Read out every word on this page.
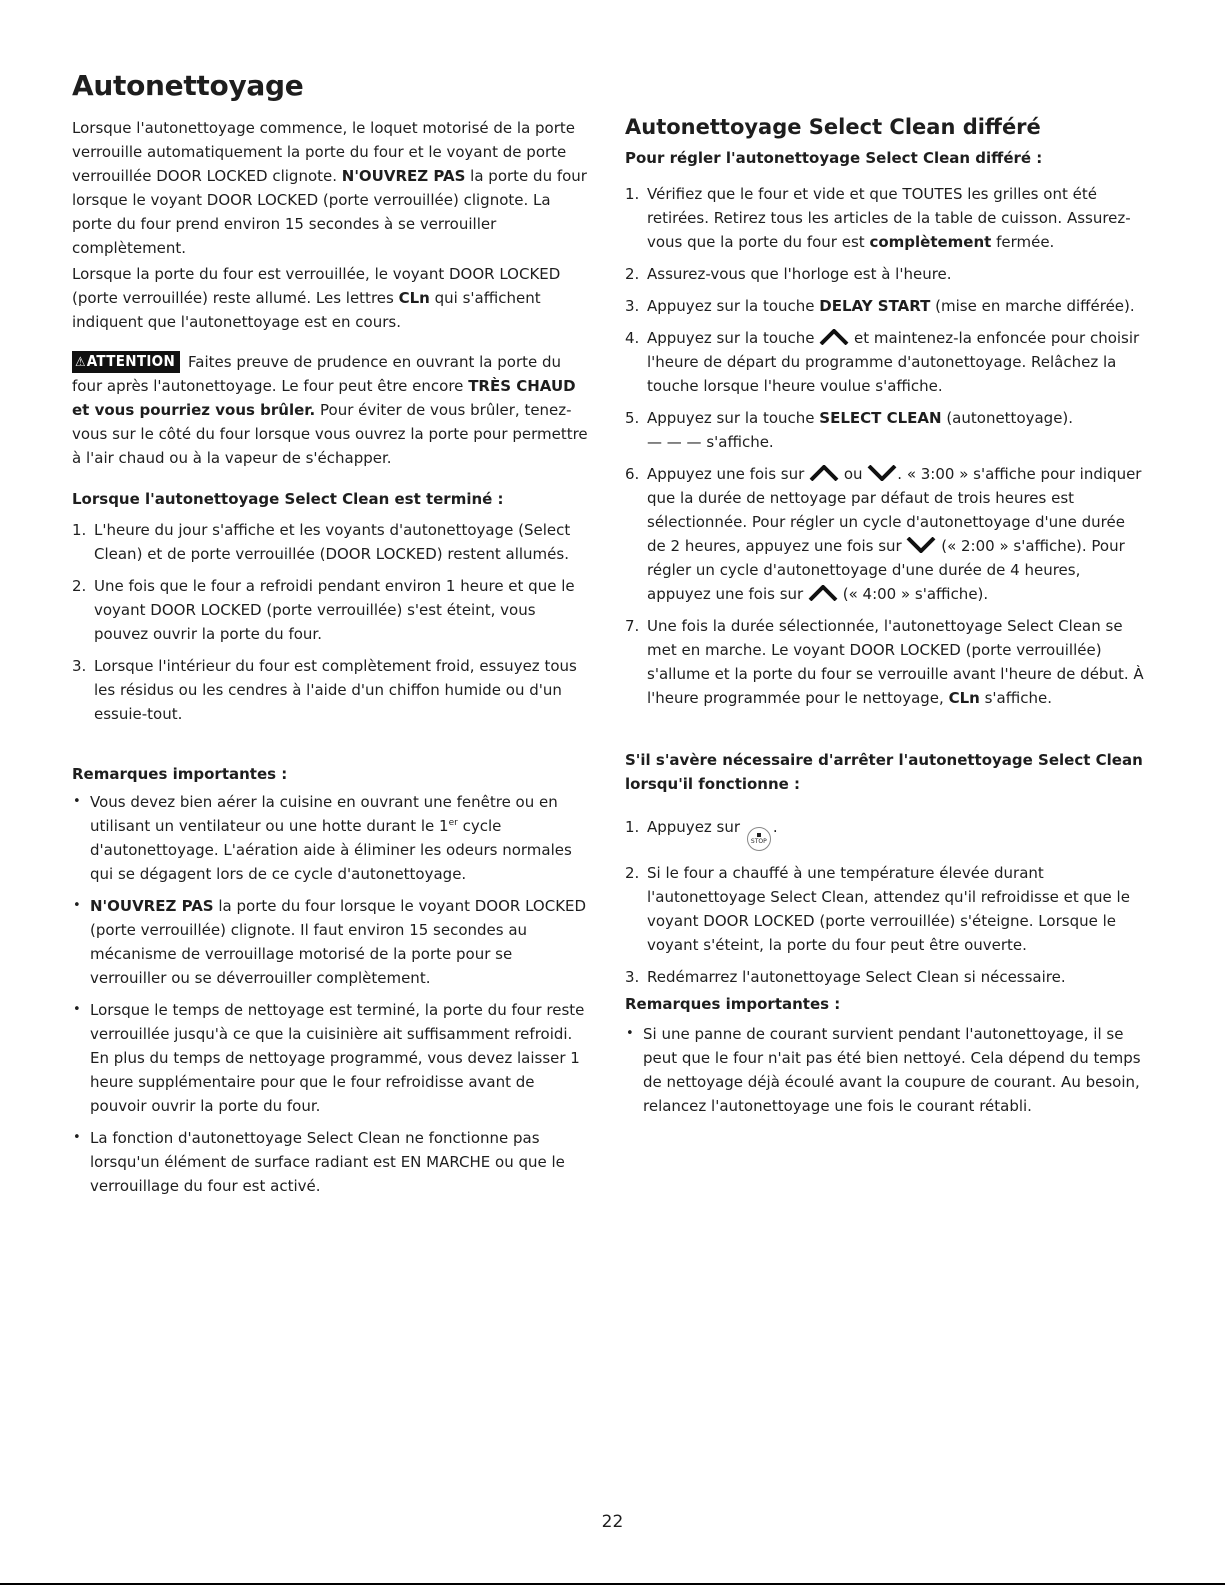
Autonettoyage

Lorsque l'autonettoyage commence, le loquet motorisé de la porte verrouille automatiquement la porte du four et le voyant de porte verrouillée DOOR LOCKED clignote. N'OUVREZ PAS la porte du four lorsque le voyant DOOR LOCKED (porte verrouillée) clignote. La porte du four prend environ 15 secondes à se verrouiller complètement.

Lorsque la porte du four est verrouillée, le voyant DOOR LOCKED (porte verrouillée) reste allumé. Les lettres CLn qui s'affichent indiquent que l'autonettoyage est en cours.

⚠ATTENTION Faites preuve de prudence en ouvrant la porte du four après l'autonettoyage. Le four peut être encore TRÈS CHAUD et vous pourriez vous brûler. Pour éviter de vous brûler, tenez-vous sur le côté du four lorsque vous ouvrez la porte pour permettre à l'air chaud ou à la vapeur de s'échapper.

Lorsque l'autonettoyage Select Clean est terminé :

1. L'heure du jour s'affiche et les voyants d'autonettoyage (Select Clean) et de porte verrouillée (DOOR LOCKED) restent allumés.
2. Une fois que le four a refroidi pendant environ 1 heure et que le voyant DOOR LOCKED (porte verrouillée) s'est éteint, vous pouvez ouvrir la porte du four.
3. Lorsque l'intérieur du four est complètement froid, essuyez tous les résidus ou les cendres à l'aide d'un chiffon humide ou d'un essuie-tout.

Remarques importantes :

• Vous devez bien aérer la cuisine en ouvrant une fenêtre ou en utilisant un ventilateur ou une hotte durant le 1er cycle d'autonettoyage. L'aération aide à éliminer les odeurs normales qui se dégagent lors de ce cycle d'autonettoyage.
• N'OUVREZ PAS la porte du four lorsque le voyant DOOR LOCKED (porte verrouillée) clignote. Il faut environ 15 secondes au mécanisme de verrouillage motorisé de la porte pour se verrouiller ou se déverrouiller complètement.
• Lorsque le temps de nettoyage est terminé, la porte du four reste verrouillée jusqu'à ce que la cuisinière ait suffisamment refroidi. En plus du temps de nettoyage programmé, vous devez laisser 1 heure supplémentaire pour que le four refroidisse avant de pouvoir ouvrir la porte du four.
• La fonction d'autonettoyage Select Clean ne fonctionne pas lorsqu'un élément de surface radiant est EN MARCHE ou que le verrouillage du four est activé.
Autonettoyage Select Clean différé

Pour régler l'autonettoyage Select Clean différé :

1. Vérifiez que le four et vide et que TOUTES les grilles ont été retirées. Retirez tous les articles de la table de cuisson. Assurez-vous que la porte du four est complètement fermée.
2. Assurez-vous que l'horloge est à l'heure.
3. Appuyez sur la touche DELAY START (mise en marche différée).
4. Appuyez sur la touche  et maintenez-la enfoncée pour choisir l'heure de départ du programme d'autonettoyage. Relâchez la touche lorsque l'heure voulue s'affiche.
5. Appuyez sur la touche SELECT CLEAN (autonettoyage).
— — — s'affiche.
6. Appuyez une fois sur  ou . « 3:00 » s'affiche pour indiquer que la durée de nettoyage par défaut de trois heures est sélectionnée. Pour régler un cycle d'autonettoyage d'une durée de 2 heures, appuyez une fois sur  (« 2:00 » s'affiche). Pour régler un cycle d'autonettoyage d'une durée de 4 heures, appuyez une fois sur  (« 4:00 » s'affiche).
7. Une fois la durée sélectionnée, l'autonettoyage Select Clean se met en marche. Le voyant DOOR LOCKED (porte verrouillée) s'allume et la porte du four se verrouille avant l'heure de début. À l'heure programmée pour le nettoyage, CLn s'affiche.

S'il s'avère nécessaire d'arrêter l'autonettoyage Select Clean lorsqu'il fonctionne :

1. Appuyez sur
STOP
.
2. Si le four a chauffé à une température élevée durant l'autonettoyage Select Clean, attendez qu'il refroidisse et que le voyant DOOR LOCKED (porte verrouillée) s'éteigne. Lorsque le voyant s'éteint, la porte du four peut être ouverte.
3. Redémarrez l'autonettoyage Select Clean si nécessaire.

Remarques importantes :

• Si une panne de courant survient pendant l'autonettoyage, il se peut que le four n'ait pas été bien nettoyé. Cela dépend du temps de nettoyage déjà écoulé avant la coupure de courant. Au besoin, relancez l'autonettoyage une fois le courant rétabli.
22
